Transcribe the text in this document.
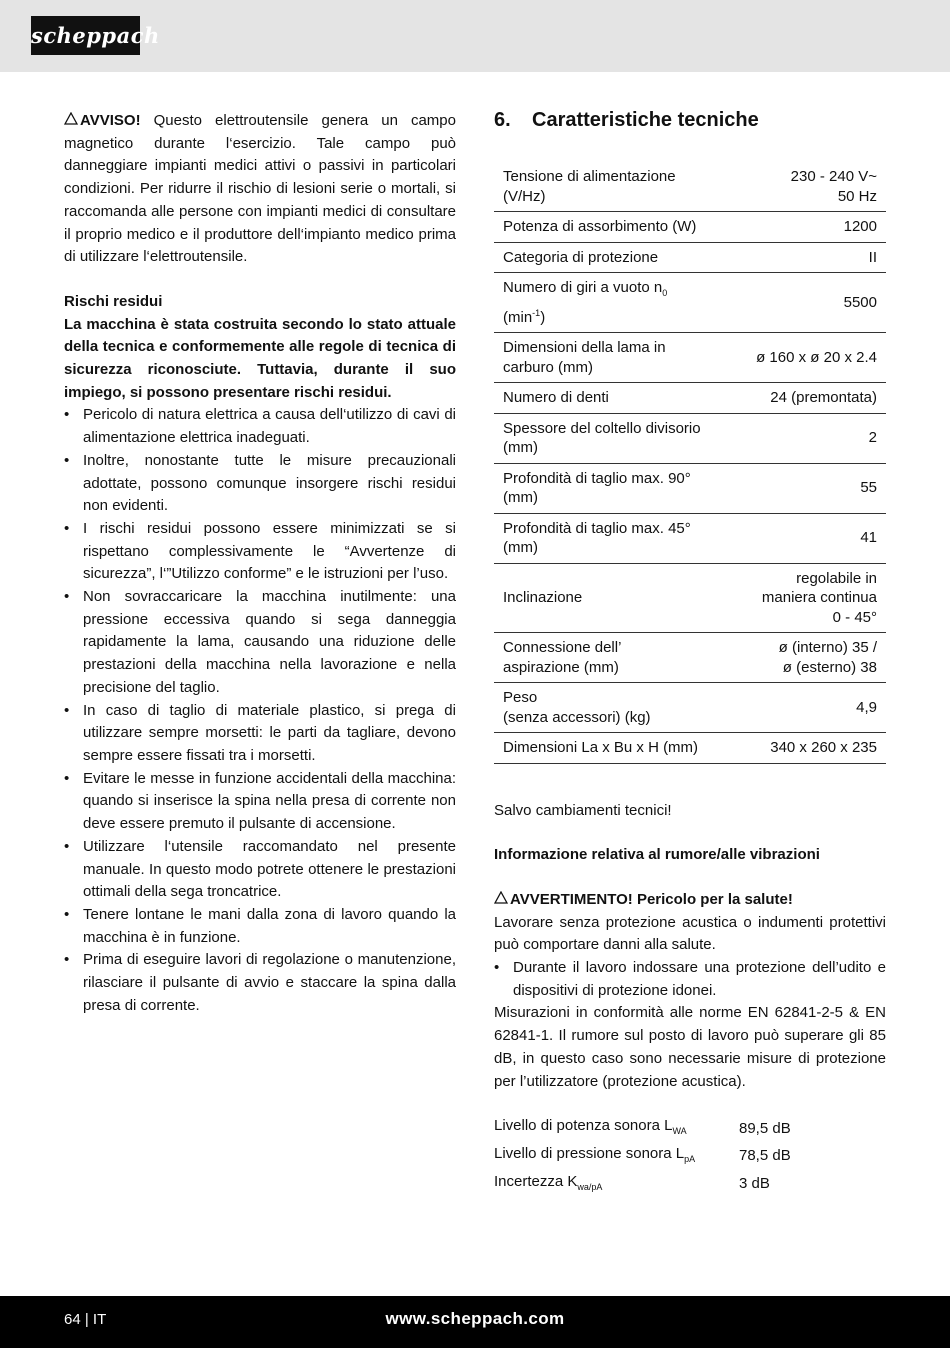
scheppach

AVVISO! Questo elettroutensile genera un campo magnetico durante l‘esercizio. Tale campo può danneggiare impianti medici attivi o passivi in particolari condizioni. Per ridurre il rischio di lesioni serie o mortali, si raccomanda alle persone con impianti medici di consultare il proprio medico e il produttore dell‘impianto medico prima di utilizzare l‘elettroutensile.

Rischi residui

La macchina è stata costruita secondo lo stato attuale della tecnica e conformemente alle regole di tecnica di sicurezza riconosciute. Tuttavia, durante il suo impiego, si possono presentare rischi residui.

• Pericolo di natura elettrica a causa dell‘utilizzo di cavi di alimentazione elettrica inadeguati.
• Inoltre, nonostante tutte le misure precauzionali adottate, possono comunque insorgere rischi residui non evidenti.
• I rischi residui possono essere minimizzati se si rispettano complessivamente le “Avvertenze di sicurezza”, l‘”Utilizzo conforme” e le istruzioni per l’uso.
• Non sovraccaricare la macchina inutilmente: una pressione eccessiva quando si sega danneggia rapidamente la lama, causando una riduzione delle prestazioni della macchina nella lavorazione e nella precisione del taglio.
• In caso di taglio di materiale plastico, si prega di utilizzare sempre morsetti: le parti da tagliare, devono sempre essere fissati tra i morsetti.
• Evitare le messe in funzione accidentali della macchina: quando si inserisce la spina nella presa di corrente non deve essere premuto il pulsante di accensione.
• Utilizzare l‘utensile raccomandato nel presente manuale. In questo modo potrete ottenere le prestazioni ottimali della sega troncatrice.
• Tenere lontane le mani dalla zona di lavoro quando la macchina è in funzione.
• Prima di eseguire lavori di regolazione o manutenzione, rilasciare il pulsante di avvio e staccare la spina dalla presa di corrente.
6. Caratteristiche tecniche
Tensione di alimentazione
(V/Hz)	230 - 240 V~
50 Hz
Potenza di assorbimento (W)	1200
Categoria di protezione	II
Numero di giri a vuoto $n_0$
$(\min^{-1})$	5500
Dimensioni della lama in
carburo (mm)	ø 160 x ø 20 x 2.4
Numero di denti	24 (premontata)
Spessore del coltello divisorio
(mm)	2
Profondità di taglio max. 90°
(mm)	55
Profondità di taglio max. 45°
(mm)	41
Inclinazione	regolabile in
maniera continua
0 - 45°
Connessione dell’
aspirazione (mm)	ø (interno) 35 /
ø (esterno) 38
Peso
(senza accessori) (kg)	4,9
Dimensioni La x Bu x H (mm)	340 x 260 x 235

Salvo cambiamenti tecnici!

Informazione relativa al rumore/alle vibrazioni

AVVERTIMENTO! Pericolo per la salute!

Lavorare senza protezione acustica o indumenti protettivi può comportare danni alla salute.

• Durante il lavoro indossare una protezione dell’udito e dispositivi di protezione idonei.

Misurazioni in conformità alle norme EN 62841-2-5 & EN 62841-1. Il rumore sul posto di lavoro può superare gli 85 dB, in questo caso sono necessarie misure di protezione per l’utilizzatore (protezione acustica).

Livello di potenza sonora $L_{WA}$	89,5 dB
Livello di pressione sonora $L_{pA}$	78,5 dB
Incertezza $K_{wa/pA}$	3 dB
64 | IT	www.scheppach.com
